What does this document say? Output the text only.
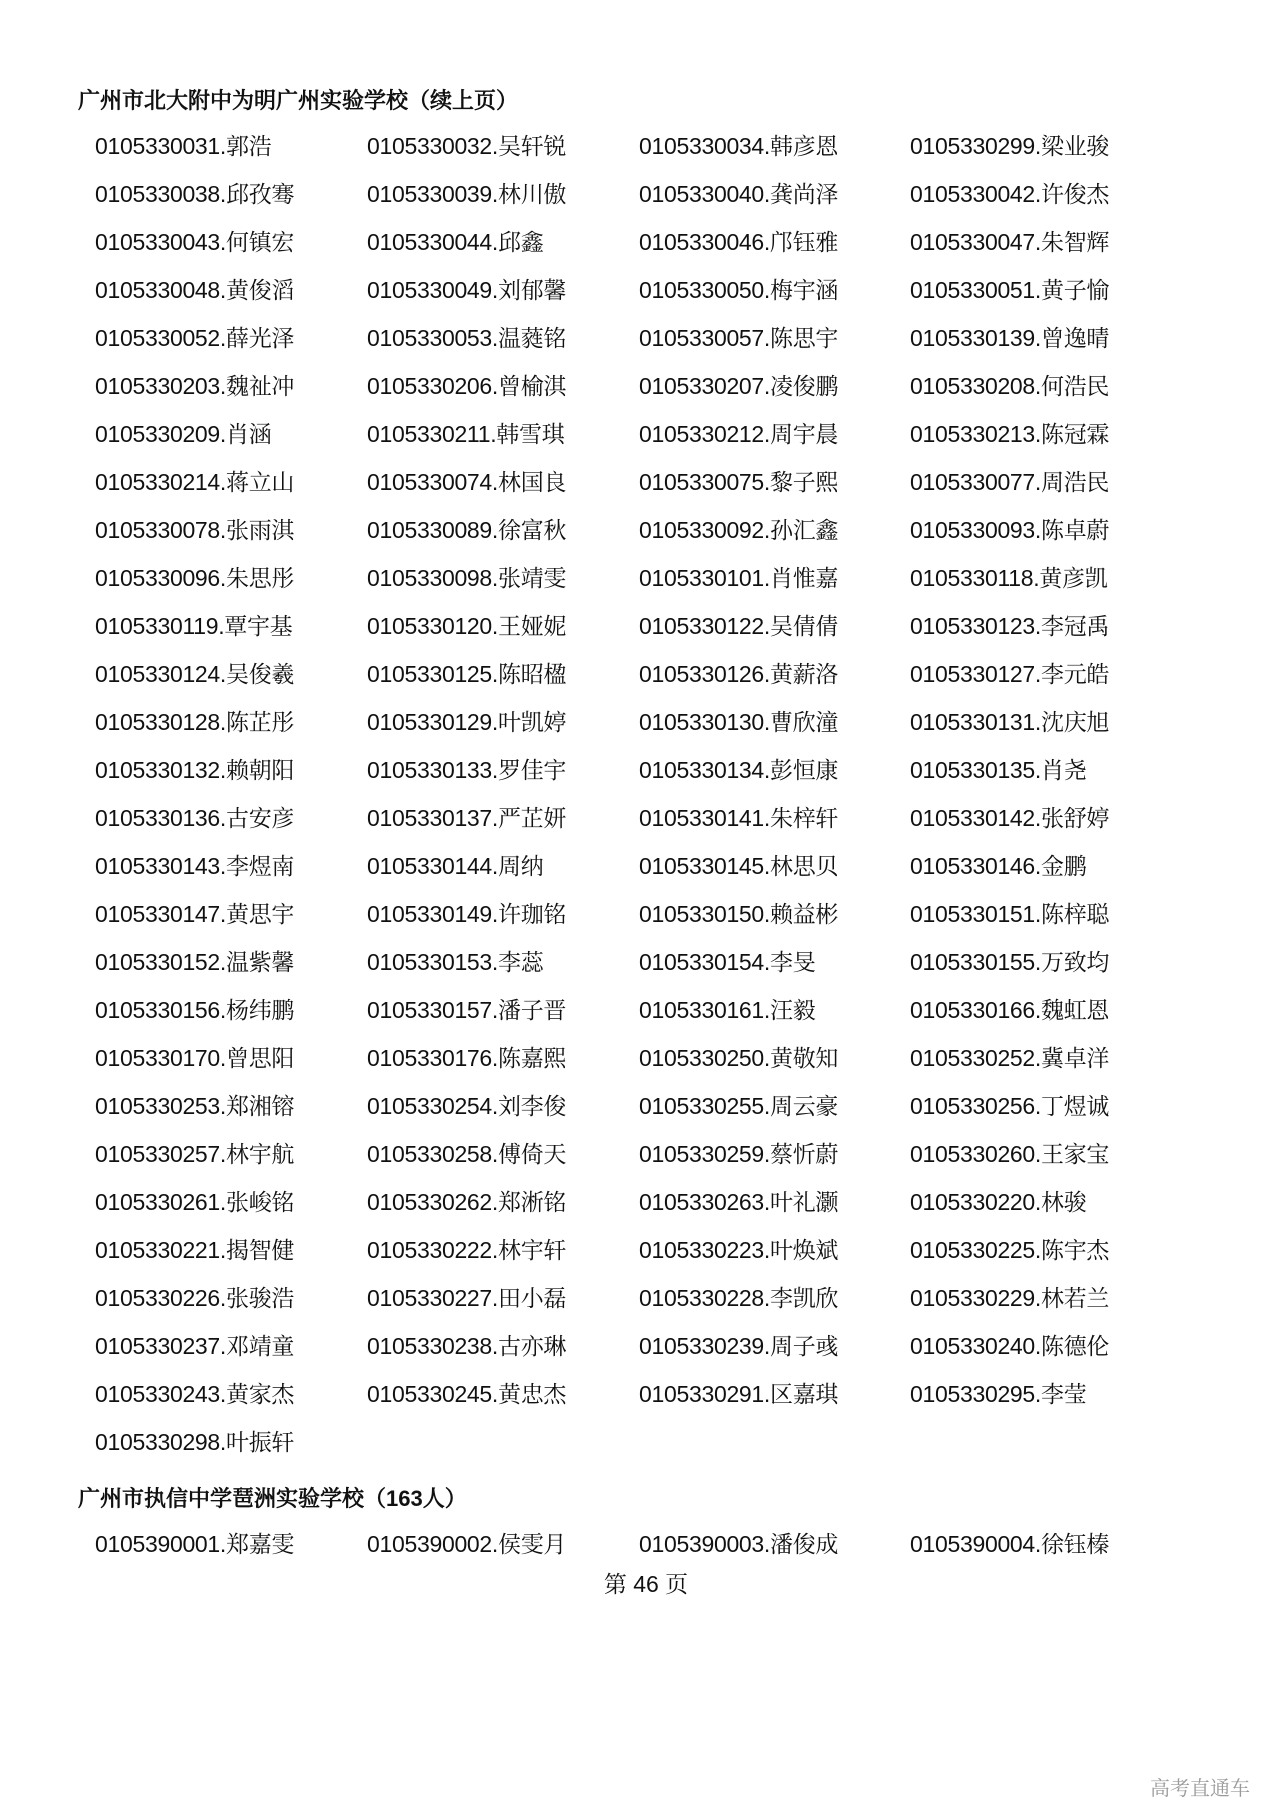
广州市北大附中为明广州实验学校（续上页）
0105330031.郭浩	0105330032.吴轩锐	0105330034.韩彦恩	0105330299.梁业骏
0105330038.邱孜骞	0105330039.林川傲	0105330040.龚尚泽	0105330042.许俊杰
0105330043.何镇宏	0105330044.邱鑫	0105330046.邝钰雅	0105330047.朱智辉
0105330048.黄俊滔	0105330049.刘郁馨	0105330050.梅宇涵	0105330051.黄子愉
0105330052.薛光泽	0105330053.温蕤铭	0105330057.陈思宇	0105330139.曾逸晴
0105330203.魏祉冲	0105330206.曾榆淇	0105330207.凌俊鹏	0105330208.何浩民
0105330209.肖涵	0105330211.韩雪琪	0105330212.周宇晨	0105330213.陈冠霖
0105330214.蒋立山	0105330074.林国良	0105330075.黎子熙	0105330077.周浩民
0105330078.张雨淇	0105330089.徐富秋	0105330092.孙汇鑫	0105330093.陈卓蔚
0105330096.朱思彤	0105330098.张靖雯	0105330101.肖惟嘉	0105330118.黄彦凯
0105330119.覃宇基	0105330120.王娅妮	0105330122.吴倩倩	0105330123.李冠禹
0105330124.吴俊羲	0105330125.陈昭楹	0105330126.黄薪洛	0105330127.李元皓
0105330128.陈芷彤	0105330129.叶凯婷	0105330130.曹欣潼	0105330131.沈庆旭
0105330132.赖朝阳	0105330133.罗佳宇	0105330134.彭恒康	0105330135.肖尧
0105330136.古安彦	0105330137.严芷妍	0105330141.朱梓轩	0105330142.张舒婷
0105330143.李煜南	0105330144.周纳	0105330145.林思贝	0105330146.金鹏
0105330147.黄思宇	0105330149.许珈铭	0105330150.赖益彬	0105330151.陈梓聪
0105330152.温紫馨	0105330153.李蕊	0105330154.李旻	0105330155.万致均
0105330156.杨纬鹏	0105330157.潘子晋	0105330161.汪毅	0105330166.魏虹恩
0105330170.曾思阳	0105330176.陈嘉熙	0105330250.黄敬知	0105330252.冀卓洋
0105330253.郑湘镕	0105330254.刘李俊	0105330255.周云豪	0105330256.丁煜诚
0105330257.林宇航	0105330258.傅倚天	0105330259.蔡忻蔚	0105330260.王家宝
0105330261.张峻铭	0105330262.郑淅铭	0105330263.叶礼灏	0105330220.林骏
0105330221.揭智健	0105330222.林宇轩	0105330223.叶焕斌	0105330225.陈宇杰
0105330226.张骏浩	0105330227.田小磊	0105330228.李凯欣	0105330229.林若兰
0105330237.邓靖童	0105330238.古亦琳	0105330239.周子彧	0105330240.陈德伦
0105330243.黄家杰	0105330245.黄忠杰	0105330291.区嘉琪	0105330295.李莹
0105330298.叶振轩
广州市执信中学琶洲实验学校（163人）
0105390001.郑嘉雯	0105390002.侯雯月	0105390003.潘俊成	0105390004.徐钰榛
第 46 页
高考直通车
